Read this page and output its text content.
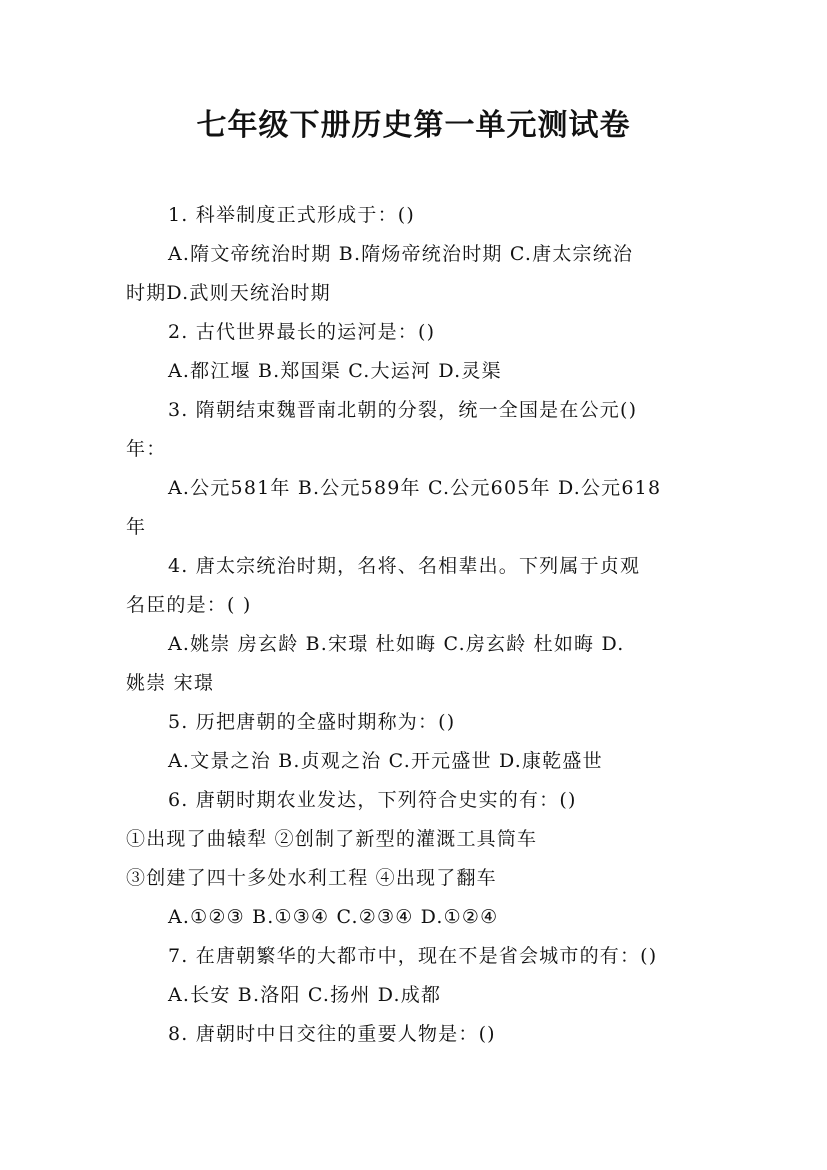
七年级下册历史第一单元测试卷
1. 科举制度正式形成于：()
A.隋文帝统治时期 B.隋炀帝统治时期 C.唐太宗统治
时期D.武则天统治时期
2. 古代世界最长的运河是：()
A.都江堰 B.郑国渠 C.大运河 D.灵渠
3. 隋朝结束魏晋南北朝的分裂，统一全国是在公元()
年：
A.公元581年 B.公元589年 C.公元605年 D.公元618
年
4. 唐太宗统治时期，名将、名相辈出。下列属于贞观
名臣的是：( )
A.姚崇 房玄龄 B.宋璟 杜如晦 C.房玄龄 杜如晦 D.
姚崇 宋璟
5. 历把唐朝的全盛时期称为：()
A.文景之治 B.贞观之治 C.开元盛世 D.康乾盛世
6. 唐朝时期农业发达，下列符合史实的有：()
①出现了曲辕犁 ②创制了新型的灌溉工具筒车
③创建了四十多处水利工程 ④出现了翻车
A.①②③ B.①③④ C.②③④ D.①②④
7. 在唐朝繁华的大都市中，现在不是省会城市的有：()
A.长安 B.洛阳 C.扬州 D.成都
8. 唐朝时中日交往的重要人物是：()
